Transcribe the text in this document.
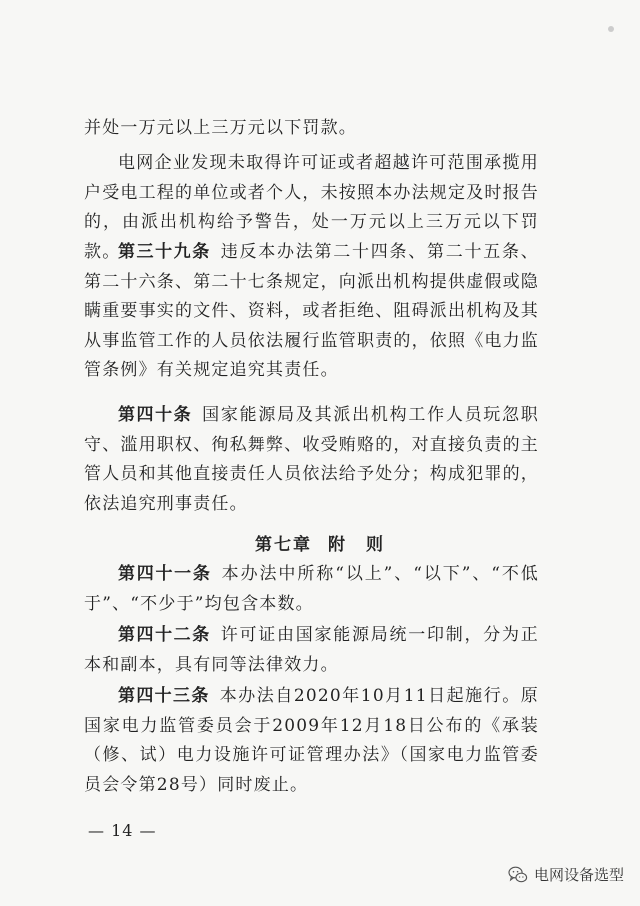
并处一万元以上三万元以下罚款。

电网企业发现未取得许可证或者超越许可范围承揽用户受电工程的单位或者个人，未按照本办法规定及时报告的，由派出机构给予警告，处一万元以上三万元以下罚款。

第三十九条 违反本办法第二十四条、第二十五条、第二十六条、第二十七条规定，向派出机构提供虚假或隐瞒重要事实的文件、资料，或者拒绝、阻碍派出机构及其从事监管工作的人员依法履行监管职责的，依照《电力监管条例》有关规定追究其责任。

第四十条 国家能源局及其派出机构工作人员玩忽职守、滥用职权、徇私舞弊、收受贿赂的，对直接负责的主管人员和其他直接责任人员依法给予处分；构成犯罪的，依法追究刑事责任。

第七章 附　则

第四十一条 本办法中所称“以上”、“以下”、“不低于”、“不少于”均包含本数。

第四十二条 许可证由国家能源局统一印制，分为正本和副本，具有同等法律效力。

第四十三条 本办法自2020年10月11日起施行。原国家电力监管委员会于2009年12月18日公布的《承装（修、试）电力设施许可证管理办法》（国家电力监管委员会令第28号）同时废止。

— 14 —
电网设备选型
